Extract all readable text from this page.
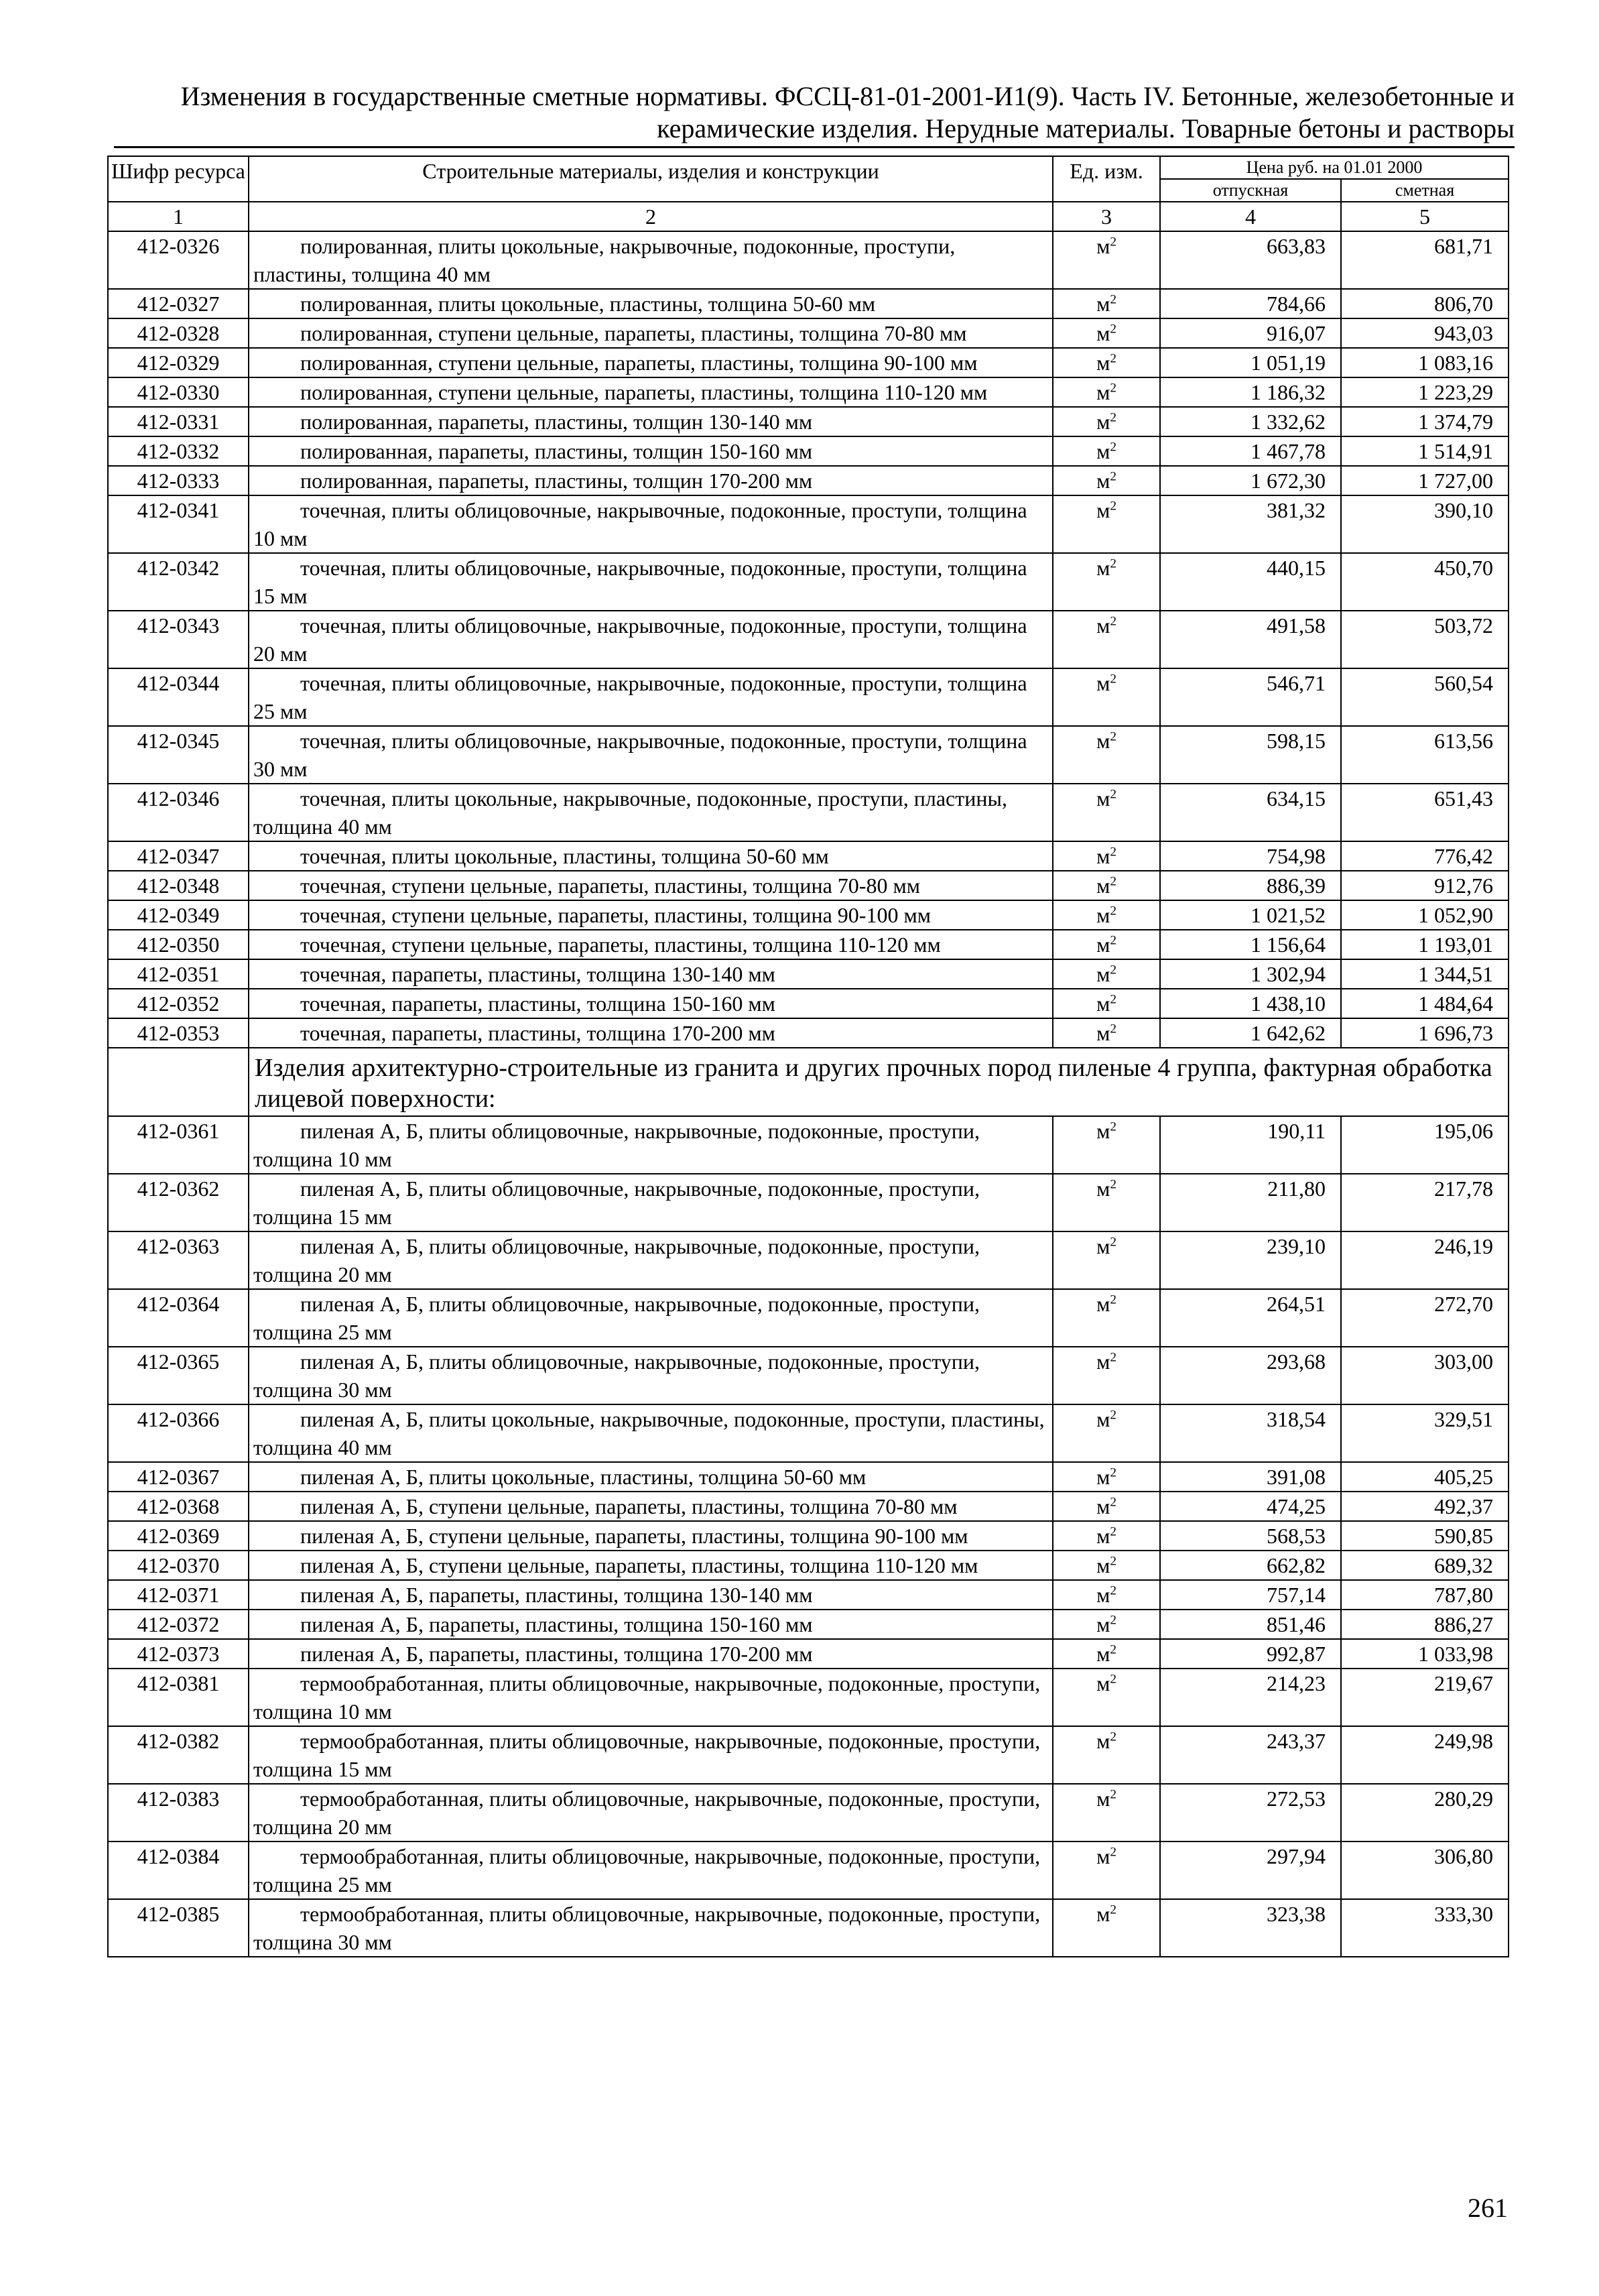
Изменения в государственные сметные нормативы. ФССЦ-81-01-2001-И1(9). Часть IV. Бетонные, железобетонные и
керамические изделия. Нерудные материалы. Товарные бетоны и растворы
Шифр ресурса	Строительные материалы, изделия и конструкции	Ед. изм.	Цена руб. на 01.01 2000	
			отпускная	сметная
1	2	3	4	5
412-0326	полированная, плиты цокольные, накрывочные, подоконные, проступи, пластины, толщина 40 мм	$м^2$	663,83	681,71
412-0327	полированная, плиты цокольные, пластины, толщина 50-60 мм	$м^2$	784,66	806,70
412-0328	полированная, ступени цельные, парапеты, пластины, толщина 70-80 мм	$м^2$	916,07	943,03
412-0329	полированная, ступени цельные, парапеты, пластины, толщина 90-100 мм	$м^2$	1 051,19	1 083,16
412-0330	полированная, ступени цельные, парапеты, пластины, толщина 110-120 мм	$м^2$	1 186,32	1 223,29
412-0331	полированная, парапеты, пластины, толщин 130-140 мм	$м^2$	1 332,62	1 374,79
412-0332	полированная, парапеты, пластины, толщин 150-160 мм	$м^2$	1 467,78	1 514,91
412-0333	полированная, парапеты, пластины, толщин 170-200 мм	$м^2$	1 672,30	1 727,00
412-0341	точечная, плиты облицовочные, накрывочные, подоконные, проступи, толщина 10 мм	$м^2$	381,32	390,10
412-0342	точечная, плиты облицовочные, накрывочные, подоконные, проступи, толщина 15 мм	$м^2$	440,15	450,70
412-0343	точечная, плиты облицовочные, накрывочные, подоконные, проступи, толщина 20 мм	$м^2$	491,58	503,72
412-0344	точечная, плиты облицовочные, накрывочные, подоконные, проступи, толщина 25 мм	$м^2$	546,71	560,54
412-0345	точечная, плиты облицовочные, накрывочные, подоконные, проступи, толщина 30 мм	$м^2$	598,15	613,56
412-0346	точечная, плиты цокольные, накрывочные, подоконные, проступи, пластины, толщина 40 мм	$м^2$	634,15	651,43
412-0347	точечная, плиты цокольные, пластины, толщина 50-60 мм	$м^2$	754,98	776,42
412-0348	точечная, ступени цельные, парапеты, пластины, толщина 70-80 мм	$м^2$	886,39	912,76
412-0349	точечная, ступени цельные, парапеты, пластины, толщина 90-100 мм	$м^2$	1 021,52	1 052,90
412-0350	точечная, ступени цельные, парапеты, пластины, толщина 110-120 мм	$м^2$	1 156,64	1 193,01
412-0351	точечная, парапеты, пластины, толщина 130-140 мм	$м^2$	1 302,94	1 344,51
412-0352	точечная, парапеты, пластины, толщина 150-160 мм	$м^2$	1 438,10	1 484,64
412-0353	точечная, парапеты, пластины, толщина 170-200 мм	$м^2$	1 642,62	1 696,73
	Изделия архитектурно-строительные из гранита и других прочных пород пиленые 4 группа, фактурная обработка лицевой поверхности:			
412-0361	пиленая А, Б, плиты облицовочные, накрывочные, подоконные, проступи, толщина 10 мм	$м^2$	190,11	195,06
412-0362	пиленая А, Б, плиты облицовочные, накрывочные, подоконные, проступи, толщина 15 мм	$м^2$	211,80	217,78
412-0363	пиленая А, Б, плиты облицовочные, накрывочные, подоконные, проступи, толщина 20 мм	$м^2$	239,10	246,19
412-0364	пиленая А, Б, плиты облицовочные, накрывочные, подоконные, проступи, толщина 25 мм	$м^2$	264,51	272,70
412-0365	пиленая А, Б, плиты облицовочные, накрывочные, подоконные, проступи, толщина 30 мм	$м^2$	293,68	303,00
412-0366	пиленая А, Б, плиты цокольные, накрывочные, подоконные, проступи, пластины, толщина 40 мм	$м^2$	318,54	329,51
412-0367	пиленая А, Б, плиты цокольные, пластины, толщина 50-60 мм	$м^2$	391,08	405,25
412-0368	пиленая А, Б, ступени цельные, парапеты, пластины, толщина 70-80 мм	$м^2$	474,25	492,37
412-0369	пиленая А, Б, ступени цельные, парапеты, пластины, толщина 90-100 мм	$м^2$	568,53	590,85
412-0370	пиленая А, Б, ступени цельные, парапеты, пластины, толщина 110-120 мм	$м^2$	662,82	689,32
412-0371	пиленая А, Б, парапеты, пластины, толщина 130-140 мм	$м^2$	757,14	787,80
412-0372	пиленая А, Б, парапеты, пластины, толщина 150-160 мм	$м^2$	851,46	886,27
412-0373	пиленая А, Б, парапеты, пластины, толщина 170-200 мм	$м^2$	992,87	1 033,98
412-0381	термообработанная, плиты облицовочные, накрывочные, подоконные, проступи, толщина 10 мм	$м^2$	214,23	219,67
412-0382	термообработанная, плиты облицовочные, накрывочные, подоконные, проступи, толщина 15 мм	$м^2$	243,37	249,98
412-0383	термообработанная, плиты облицовочные, накрывочные, подоконные, проступи, толщина 20 мм	$м^2$	272,53	280,29
412-0384	термообработанная, плиты облицовочные, накрывочные, подоконные, проступи, толщина 25 мм	$м^2$	297,94	306,80
412-0385	термообработанная, плиты облицовочные, накрывочные, подоконные, проступи, толщина 30 мм	$м^2$	323,38	333,30
261
